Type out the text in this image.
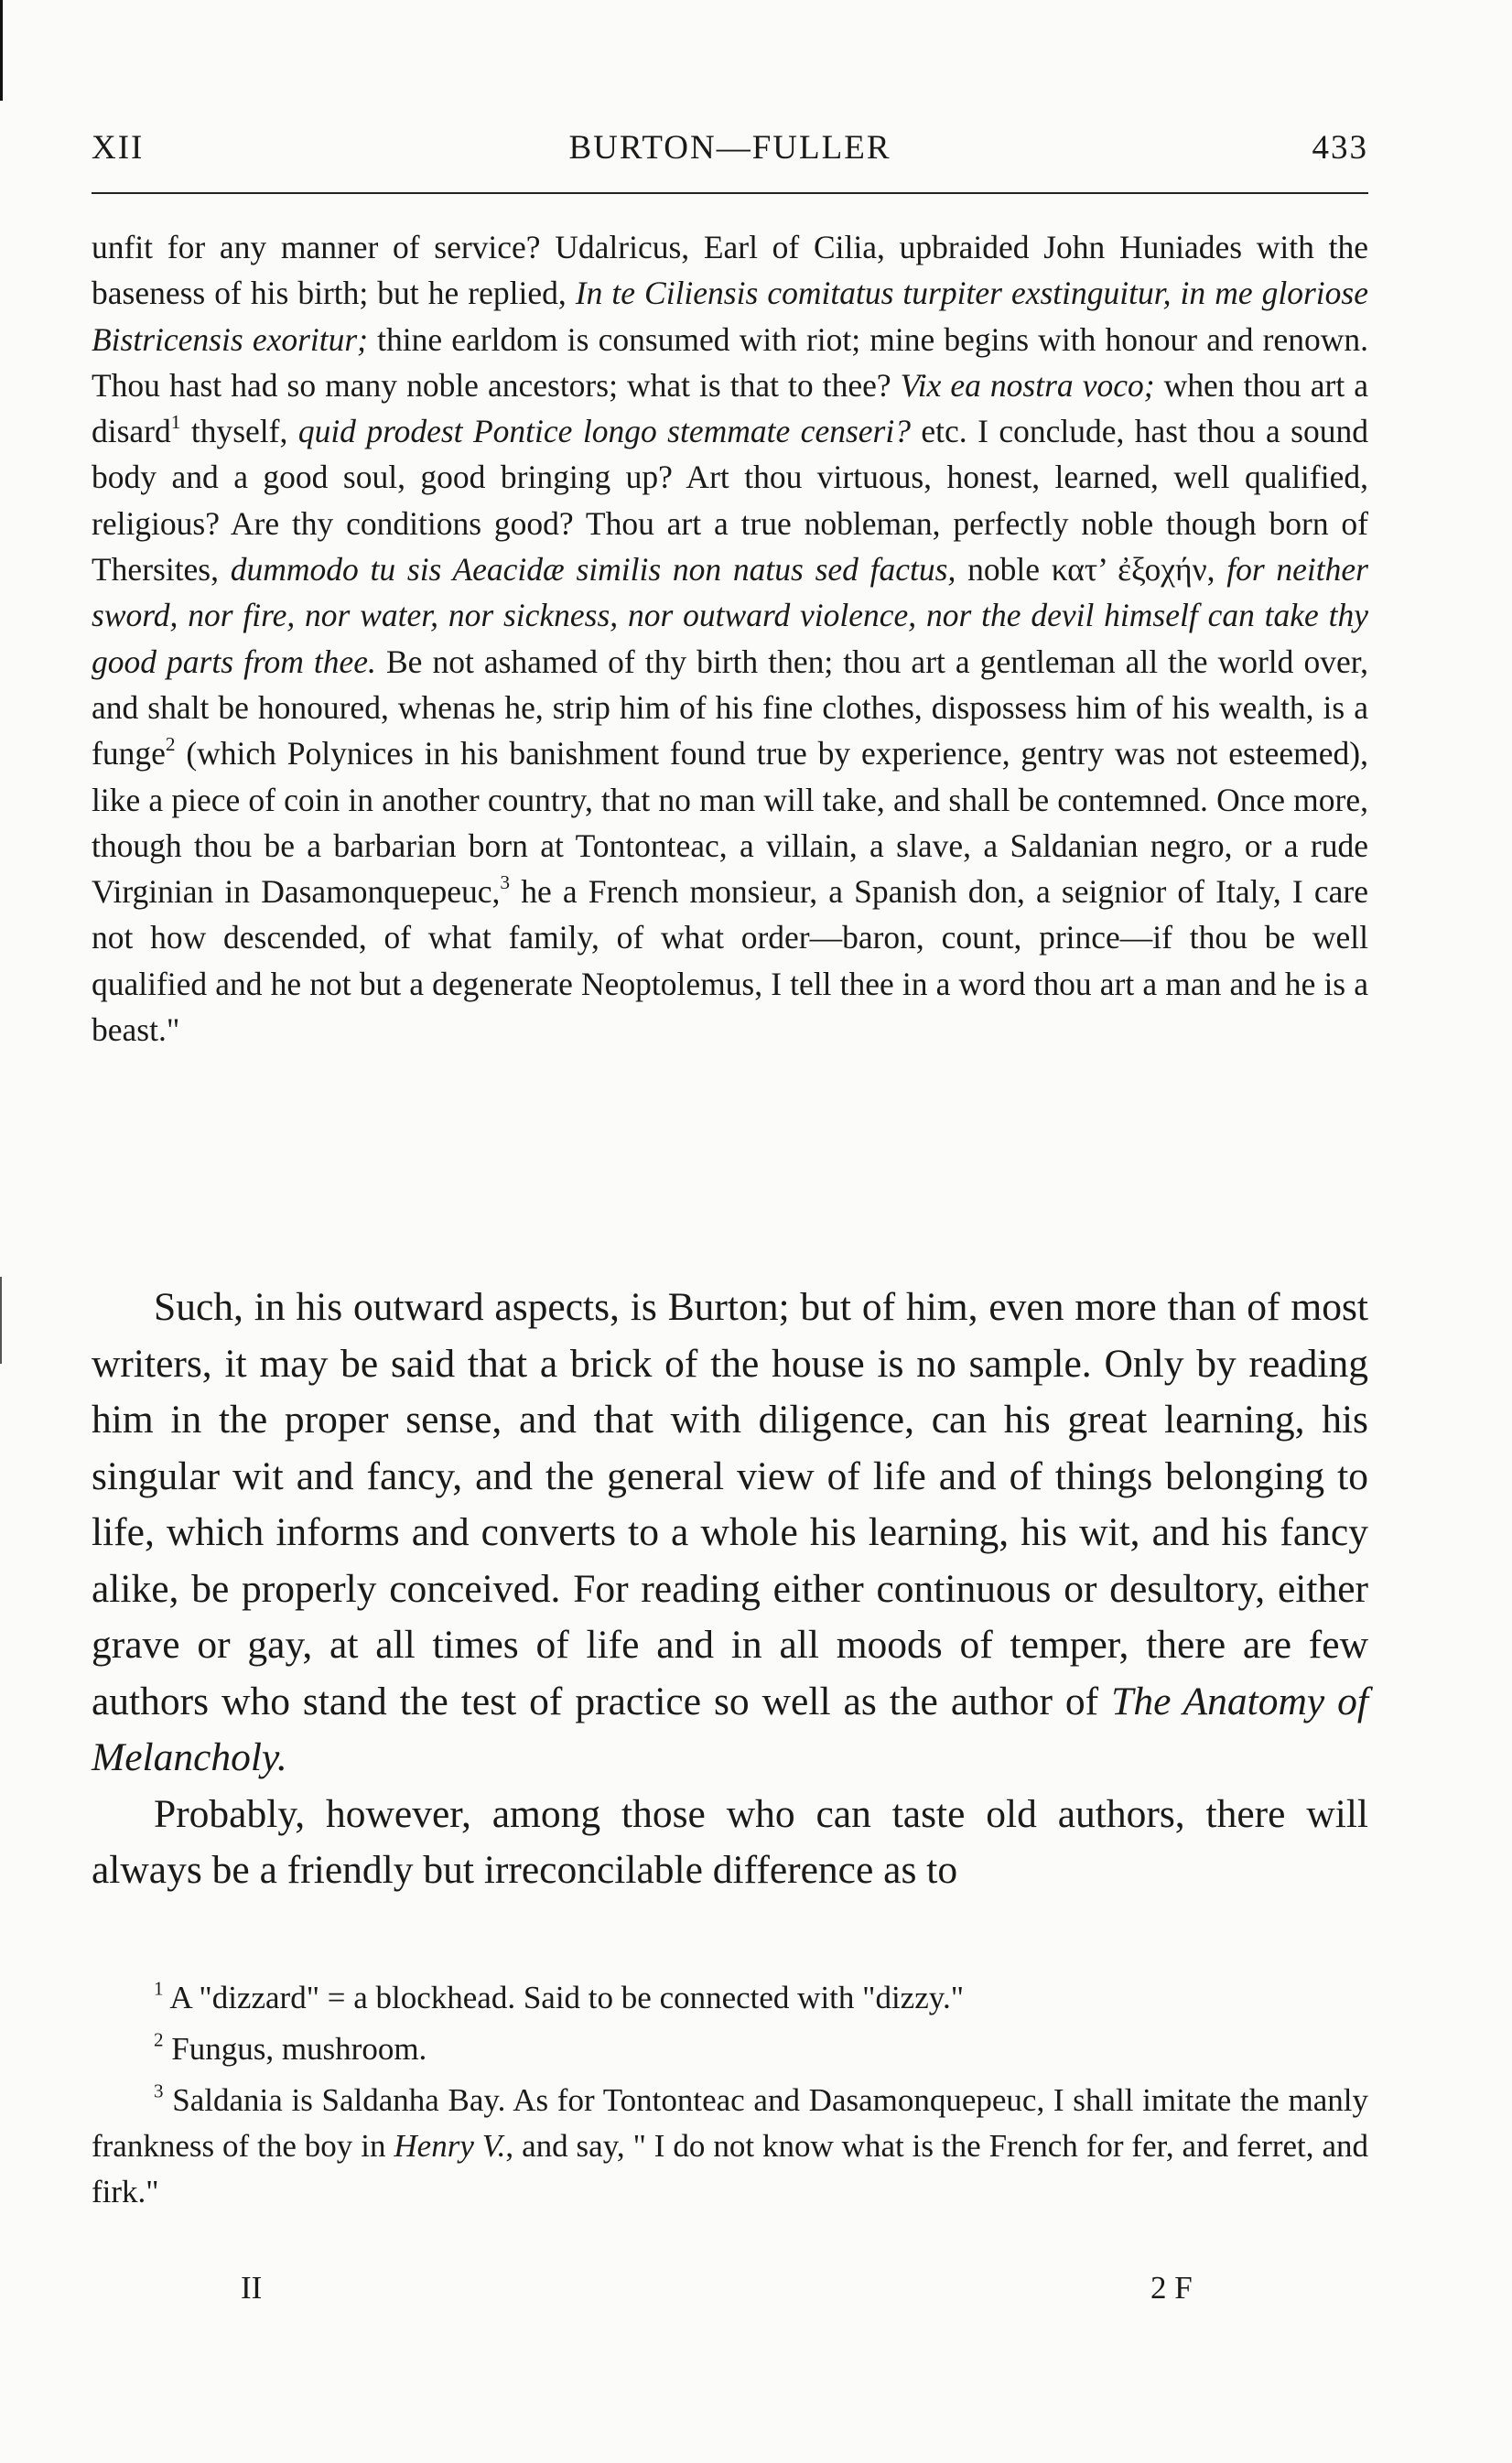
XII	BURTON—FULLER	433
unfit for any manner of service? Udalricus, Earl of Cilia, upbraided John Huniades with the baseness of his birth; but he replied, In te Ciliensis comitatus turpiter exstinguitur, in me gloriose Bistricensis exoritur; thine earldom is consumed with riot; mine begins with honour and renown. Thou hast had so many noble ancestors; what is that to thee? Vix ea nostra voco; when thou art a disard$^1$ thyself, quid prodest Pontice longo stemmate censeri? etc. I conclude, hast thou a sound body and a good soul, good bringing up? Art thou virtuous, honest, learned, well qualified, religious? Are thy conditions good? Thou art a true nobleman, perfectly noble though born of Thersites, dummodo tu sis Aeacidæ similis non natus sed factus, noble κατ’ ἐξοχήν, for neither sword, nor fire, nor water, nor sickness, nor outward violence, nor the devil himself can take thy good parts from thee. Be not ashamed of thy birth then; thou art a gentleman all the world over, and shalt be honoured, whenas he, strip him of his fine clothes, dispossess him of his wealth, is a funge$^2$ (which Polynices in his banishment found true by experience, gentry was not esteemed), like a piece of coin in another country, that no man will take, and shall be contemned. Once more, though thou be a barbarian born at Tontonteac, a villain, a slave, a Saldanian negro, or a rude Virginian in Dasamonquepeuc,$^3$ he a French monsieur, a Spanish don, a seignior of Italy, I care not how descended, of what family, of what order—baron, count, prince—if thou be well qualified and he not but a degenerate Neoptolemus, I tell thee in a word thou art a man and he is a beast."

Such, in his outward aspects, is Burton; but of him, even more than of most writers, it may be said that a brick of the house is no sample. Only by reading him in the proper sense, and that with diligence, can his great learning, his singular wit and fancy, and the general view of life and of things belonging to life, which informs and converts to a whole his learning, his wit, and his fancy alike, be properly conceived. For reading either continuous or desultory, either grave or gay, at all times of life and in all moods of temper, there are few authors who stand the test of practice so well as the author of The Anatomy of Melancholy.

Probably, however, among those who can taste old authors, there will always be a friendly but irreconcilable difference as to

$^1$ A "dizzard" = a blockhead. Said to be connected with "dizzy."

$^2$ Fungus, mushroom.

$^3$ Saldania is Saldanha Bay. As for Tontonteac and Dasamonquepeuc, I shall imitate the manly frankness of the boy in Henry V., and say, " I do not know what is the French for fer, and ferret, and firk."

II	2 F
